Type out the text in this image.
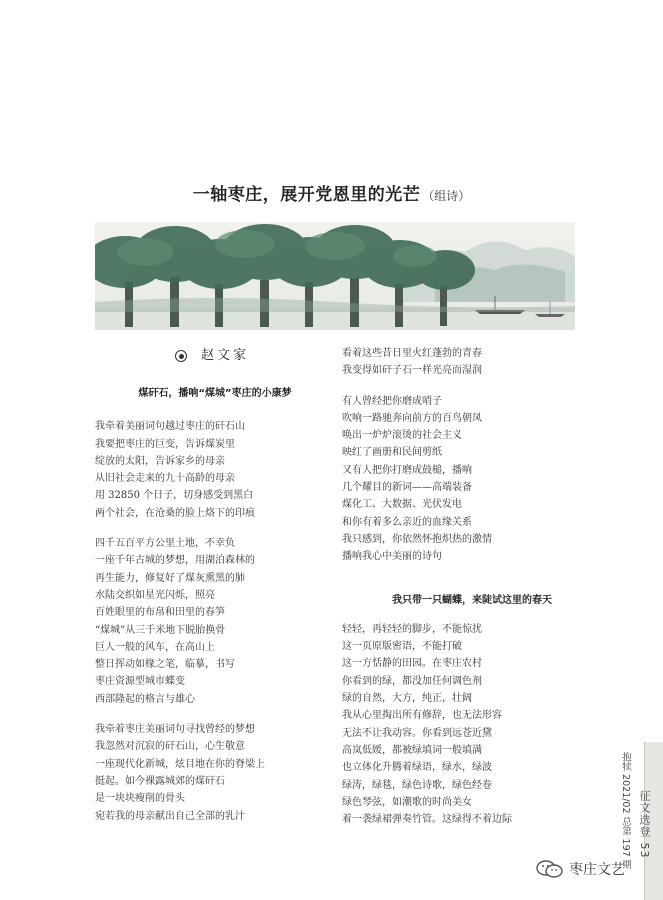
一轴枣庄，展开党恩里的光芒 （组诗）
赵文家
煤矸石，播响“煤城”枣庄的小康梦
我牵着美丽词句越过枣庄的矸石山
我要把枣庄的巨变，告诉煤炭里
绽放的太阳，告诉家乡的母亲
从旧社会走来的九十高龄的母亲
用 32850 个日子，切身感受到黑白
两个社会，在沧桑的脸上烙下的印痕
四千五百平方公里土地，不幸负
一座千年古城的梦想，用湖泊森林的
再生能力，修复好了煤灰熏黑的肺
水陆交织如星光闪烁，照亮
百姓眼里的布帛和田里的春笋
“煤城”从三千米地下脱胎换骨
巨人一般的风车，在高山上
整日挥动如椽之笔，临摹，书写
枣庄资源型城市蝶变
西部隆起的格言与雄心
我牵着枣庄美丽词句寻找曾经的梦想
我忽然对沉寂的矸石山，心生敬意
一座现代化新城，炫目地在你的脊梁上
挺起。如今裸露城郊的煤矸石
是一块块瘦削的骨头
宛若我的母亲献出自己全部的乳汁
看着这些昔日里火红蓬勃的青春
我变得如矸子石一样光亮而湿润
有人曾经把你磨成哨子
吹响一路驰奔向前方的百鸟朝凤
唤出一炉炉滚烫的社会主义
映红了画册和民间剪纸
又有人把你打磨成鼓槌，播响
几个耀目的新词——高端装备
煤化工、大数据、光伏发电
和你有着多么亲近的血缘关系
我只感到，你依然怀抱炽热的激情
播响我心中美丽的诗句
我只带一只蝴蝶，来陡试这里的春天
轻轻，再轻轻的脚步，不能惊扰
这一页原版密语，不能打破
这一方恬静的田园。在枣庄农村
你看到的绿，都没加任何调色剂
绿的自然，大方，纯正，壮阔
我从心里掏出所有修辞，也无法形容
无法不让我动容。你看到远苍近黛
高岚低媛，都被绿填词一般填满
也立体化升腾着绿语，绿水，绿波
绿涛，绿毯，绿色诗歌，绿色经卷
绿色琴弦，如潮歌的时尚美女
着一袭绿裙弹奏竹管。这绿得不着边际	抱犊 2021/02 总第 197 期 征文选登 53
枣庄文艺
